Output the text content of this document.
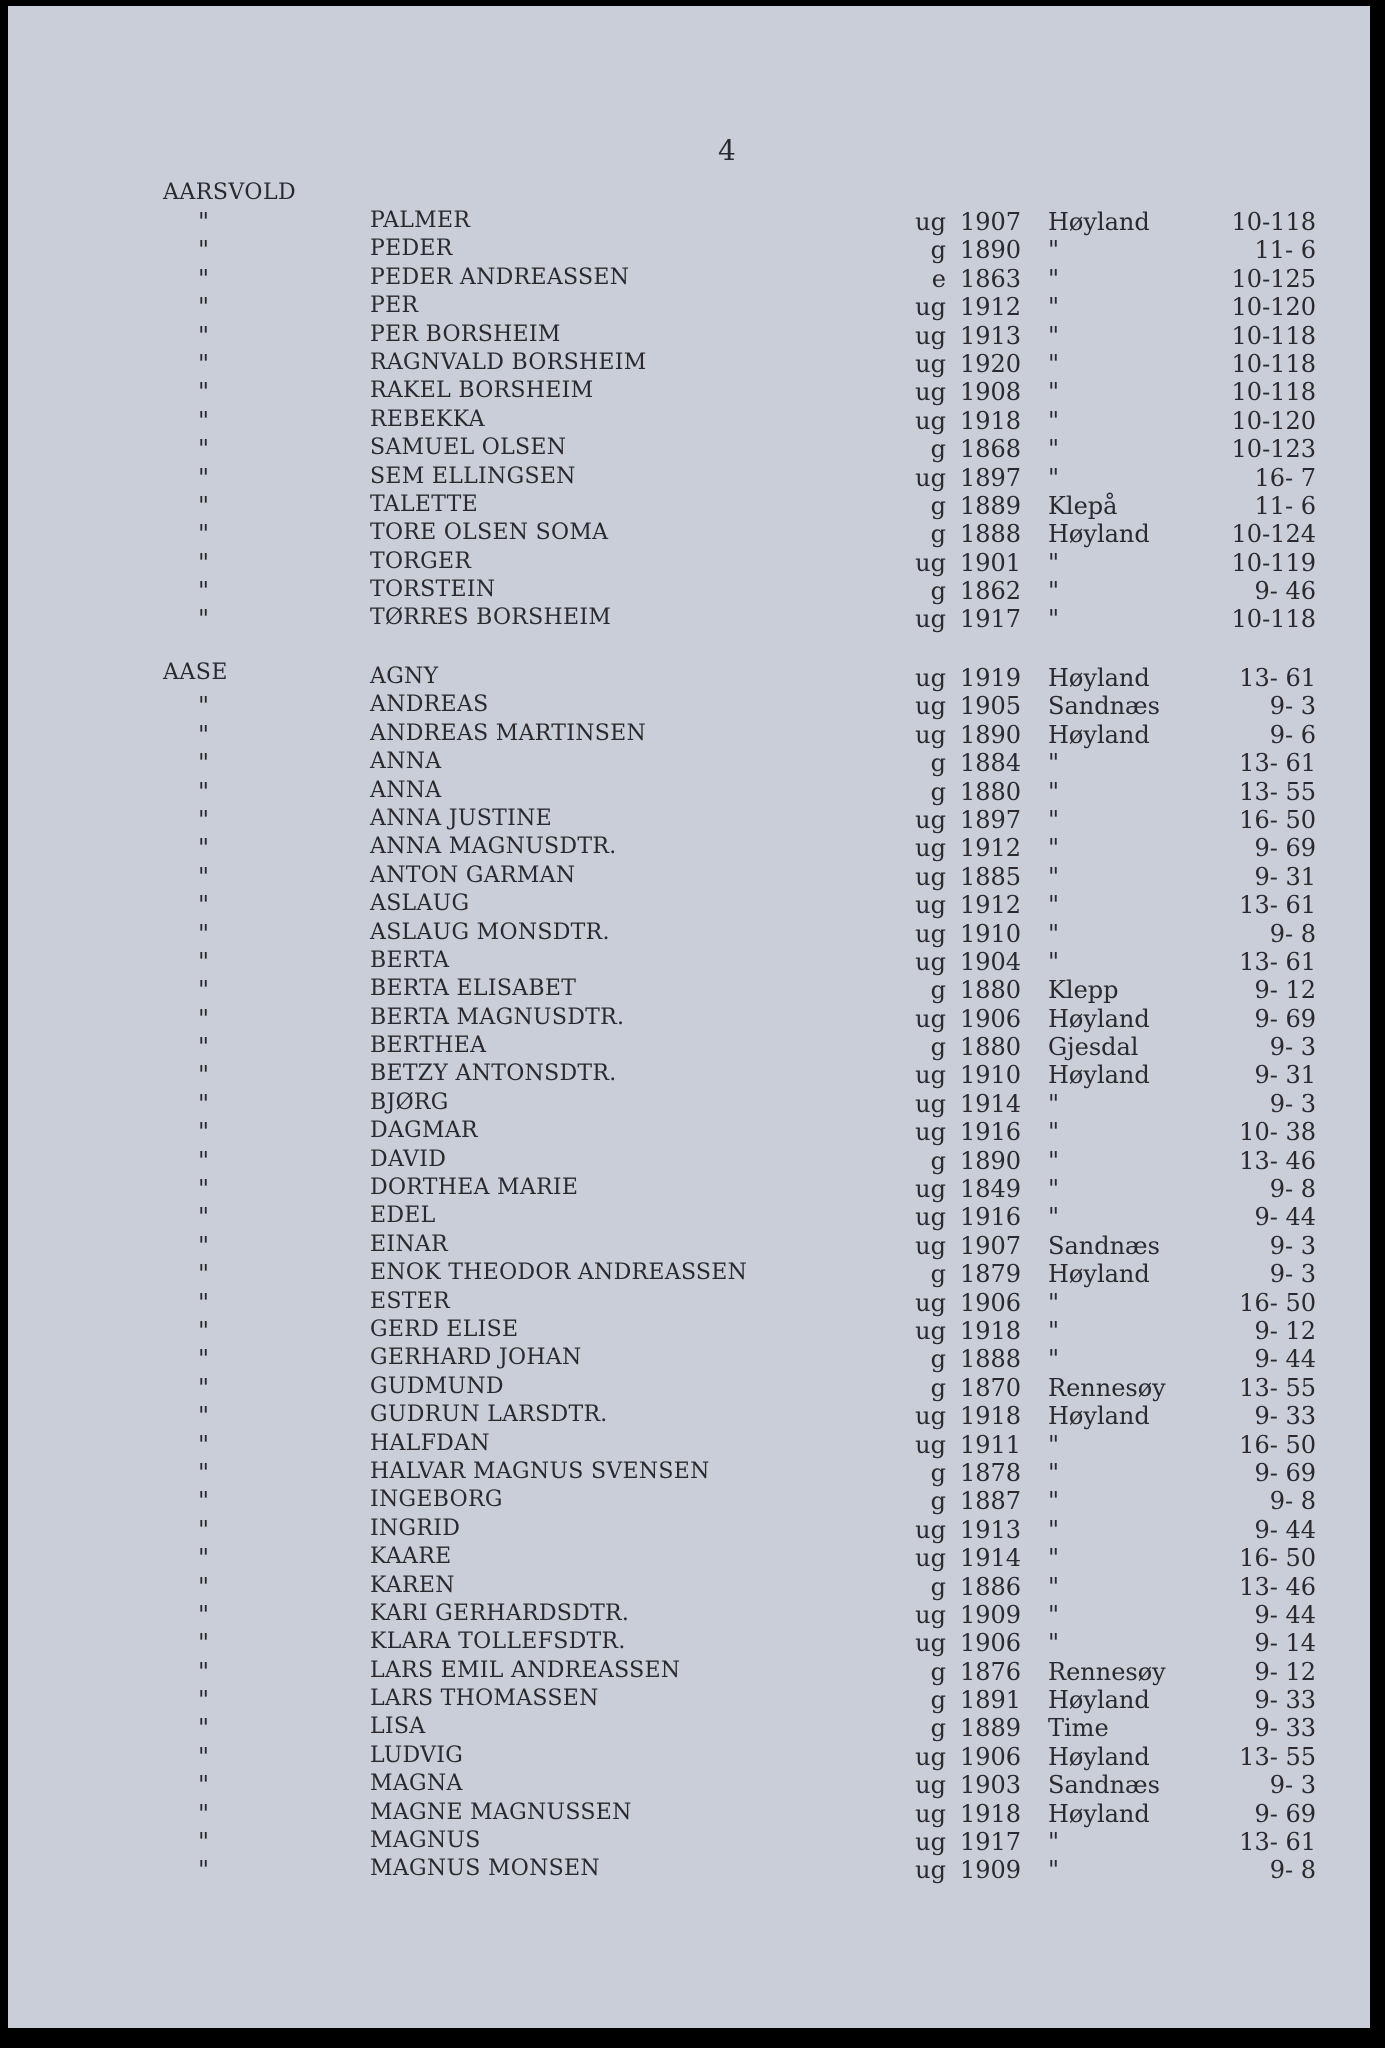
4
AARSVOLD
"	PALMER	ug 1907 Høyland	10-118
"	PEDER	g 1890 "	11- 6
"	PEDER ANDREASSEN	e 1863 "	10-125
"	PER	ug 1912 "	10-120
"	PER BORSHEIM	ug 1913 "	10-118
"	RAGNVALD BORSHEIM	ug 1920 "	10-118
"	RAKEL BORSHEIM	ug 1908 "	10-118
"	REBEKKA	ug 1918 "	10-120
"	SAMUEL OLSEN	g 1868 "	10-123
"	SEM ELLINGSEN	ug 1897 "	16- 7
"	TALETTE	g 1889 Klepå	11- 6
"	TORE OLSEN SOMA	g 1888 Høyland	10-124
"	TORGER	ug 1901 "	10-119
"	TORSTEIN	g 1862 "	9- 46
"	TØRRES BORSHEIM	ug 1917 "	10-118
AASE	AGNY	ug 1919 Høyland	13- 61
"	ANDREAS	ug 1905 Sandnæs	9- 3
"	ANDREAS MARTINSEN	ug 1890 Høyland	9- 6
"	ANNA	g 1884 "	13- 61
"	ANNA	g 1880 "	13- 55
"	ANNA JUSTINE	ug 1897 "	16- 50
"	ANNA MAGNUSDTR.	ug 1912 "	9- 69
"	ANTON GARMAN	ug 1885 "	9- 31
"	ASLAUG	ug 1912 "	13- 61
"	ASLAUG MONSDTR.	ug 1910 "	9- 8
"	BERTA	ug 1904 "	13- 61
"	BERTA ELISABET	g 1880 Klepp	9- 12
"	BERTA MAGNUSDTR.	ug 1906 Høyland	9- 69
"	BERTHEA	g 1880 Gjesdal	9- 3
"	BETZY ANTONSDTR.	ug 1910 Høyland	9- 31
"	BJØRG	ug 1914 "	9- 3
"	DAGMAR	ug 1916 "	10- 38
"	DAVID	g 1890 "	13- 46
"	DORTHEA MARIE	ug 1849 "	9- 8
"	EDEL	ug 1916 "	9- 44
"	EINAR	ug 1907 Sandnæs	9- 3
"	ENOK THEODOR ANDREASSEN	g 1879 Høyland	9- 3
"	ESTER	ug 1906 "	16- 50
"	GERD ELISE	ug 1918 "	9- 12
"	GERHARD JOHAN	g 1888 "	9- 44
"	GUDMUND	g 1870 Rennesøy	13- 55
"	GUDRUN LARSDTR.	ug 1918 Høyland	9- 33
"	HALFDAN	ug 1911 "	16- 50
"	HALVAR MAGNUS SVENSEN	g 1878 "	9- 69
"	INGEBORG	g 1887 "	9- 8
"	INGRID	ug 1913 "	9- 44
"	KAARE	ug 1914 "	16- 50
"	KAREN	g 1886 "	13- 46
"	KARI GERHARDSDTR.	ug 1909 "	9- 44
"	KLARA TOLLEFSDTR.	ug 1906 "	9- 14
"	LARS EMIL ANDREASSEN	g 1876 Rennesøy	9- 12
"	LARS THOMASSEN	g 1891 Høyland	9- 33
"	LISA	g 1889 Time	9- 33
"	LUDVIG	ug 1906 Høyland	13- 55
"	MAGNA	ug 1903 Sandnæs	9- 3
"	MAGNE MAGNUSSEN	ug 1918 Høyland	9- 69
"	MAGNUS	ug 1917 "	13- 61
"	MAGNUS MONSEN	ug 1909 "	9- 8
